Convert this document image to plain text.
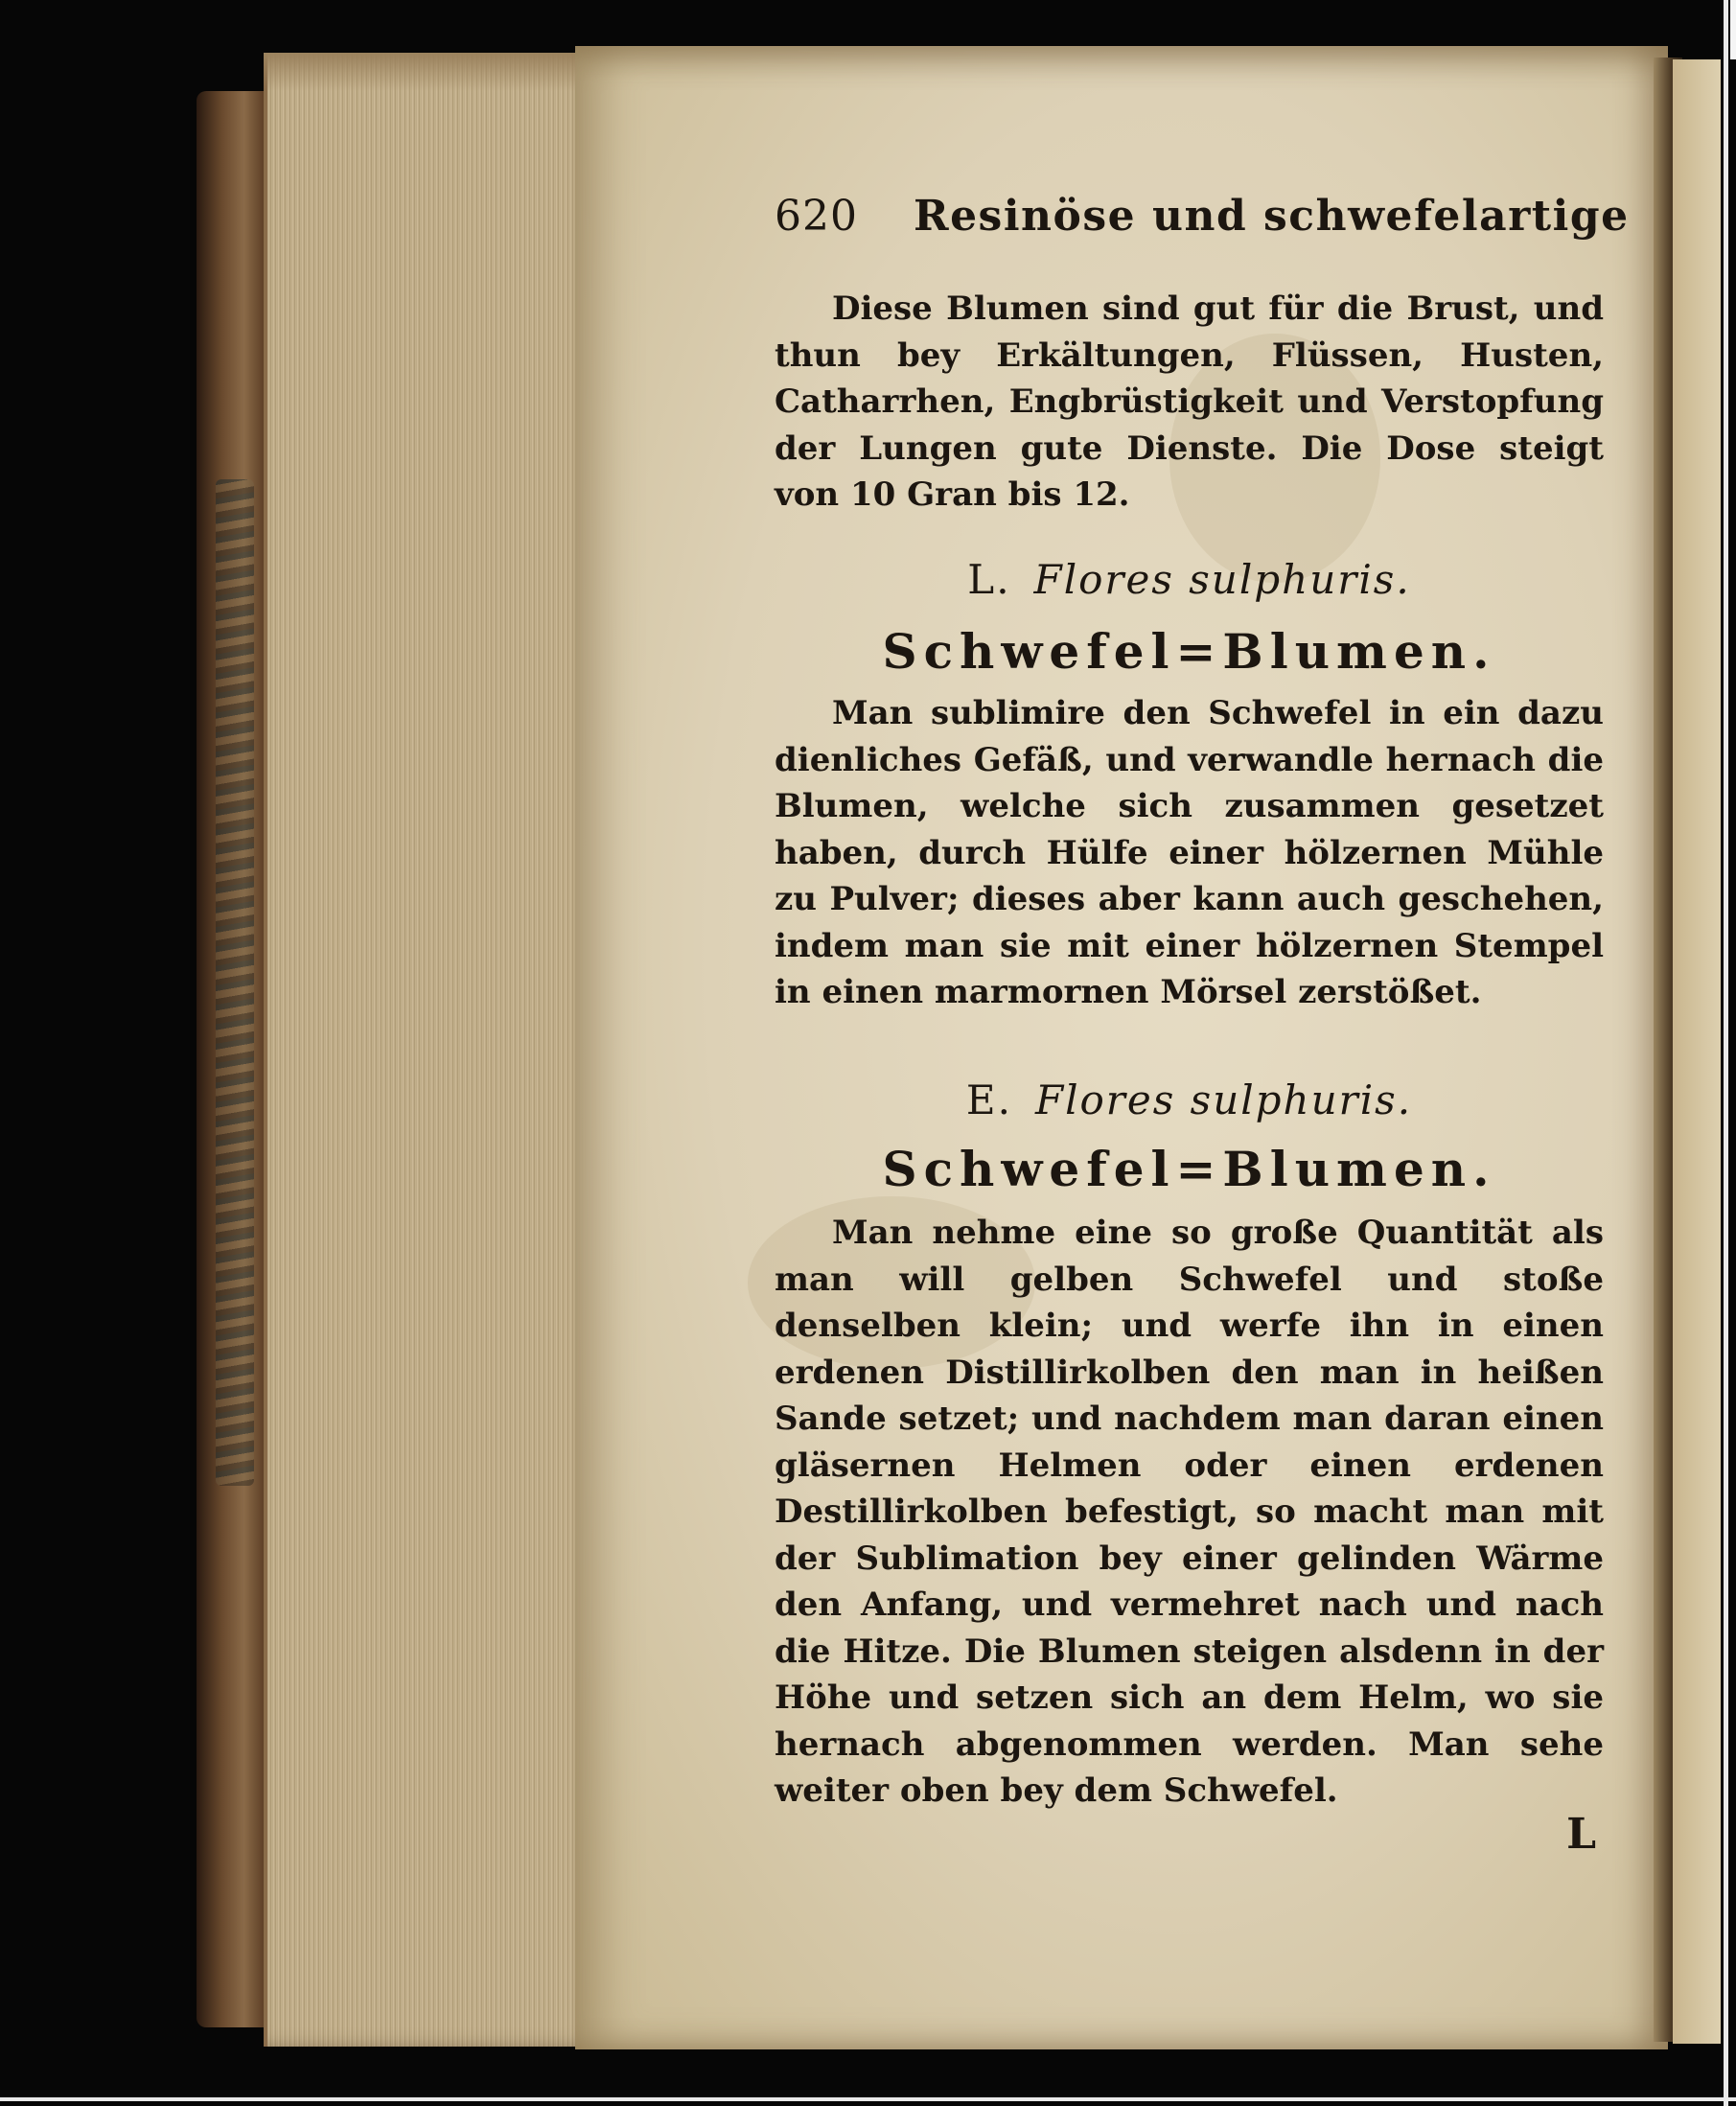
620 Resinöse und schwefelartige
Diese Blumen sind gut für die Brust, und thun bey Erkältungen, Flüssen, Husten, Catharrhen, Engbrüstigkeit und Verstopfung der Lungen gute Dienste. Die Dose steigt von 10 Gran bis 12.
L. Flores sulphuris.
Schwefel=Blumen.
Man sublimire den Schwefel in ein dazu dienliches Gefäß, und verwandle hernach die Blumen, welche sich zusammen gesetzet haben, durch Hülfe einer hölzernen Mühle zu Pulver; dieses aber kann auch geschehen, indem man sie mit einer hölzernen Stempel in einen marmornen Mörsel zerstößet.
E. Flores sulphuris.
Schwefel=Blumen.
Man nehme eine so große Quantität als man will gelben Schwefel und stoße denselben klein; und werfe ihn in einen erdenen Distillirkolben den man in heißen Sande setzet; und nachdem man daran einen gläsernen Helmen oder einen erdenen Destillirkolben befestigt, so macht man mit der Sublimation bey einer gelinden Wärme den Anfang, und vermehret nach und nach die Hitze. Die Blumen steigen alsdenn in der Höhe und setzen sich an dem Helm, wo sie hernach abgenommen werden. Man sehe weiter oben bey dem Schwefel.
L
